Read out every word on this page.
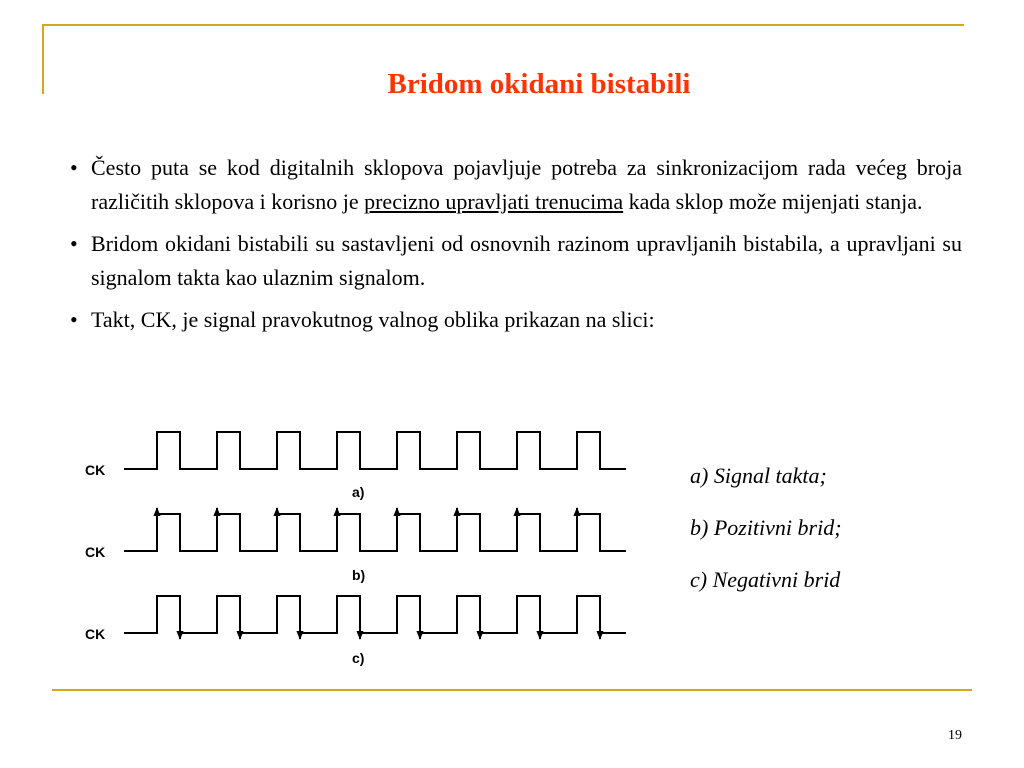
Bridom okidani bistabili
• Često puta se kod digitalnih sklopova pojavljuje potreba za sinkronizacijom rada većeg broja različitih sklopova i korisno je precizno upravljati trenucima kada sklop može mijenjati stanja.
• Bridom okidani bistabili su sastavljeni od osnovnih razinom upravljanih bistabila, a upravljani su signalom takta kao ulaznim signalom.
• Takt, CK, je signal pravokutnog valnog oblika prikazan na slici:
CK
a)
CK
b)
CK
c)
a) Signal takta;
b) Pozitivni brid;
c) Negativni brid
19
